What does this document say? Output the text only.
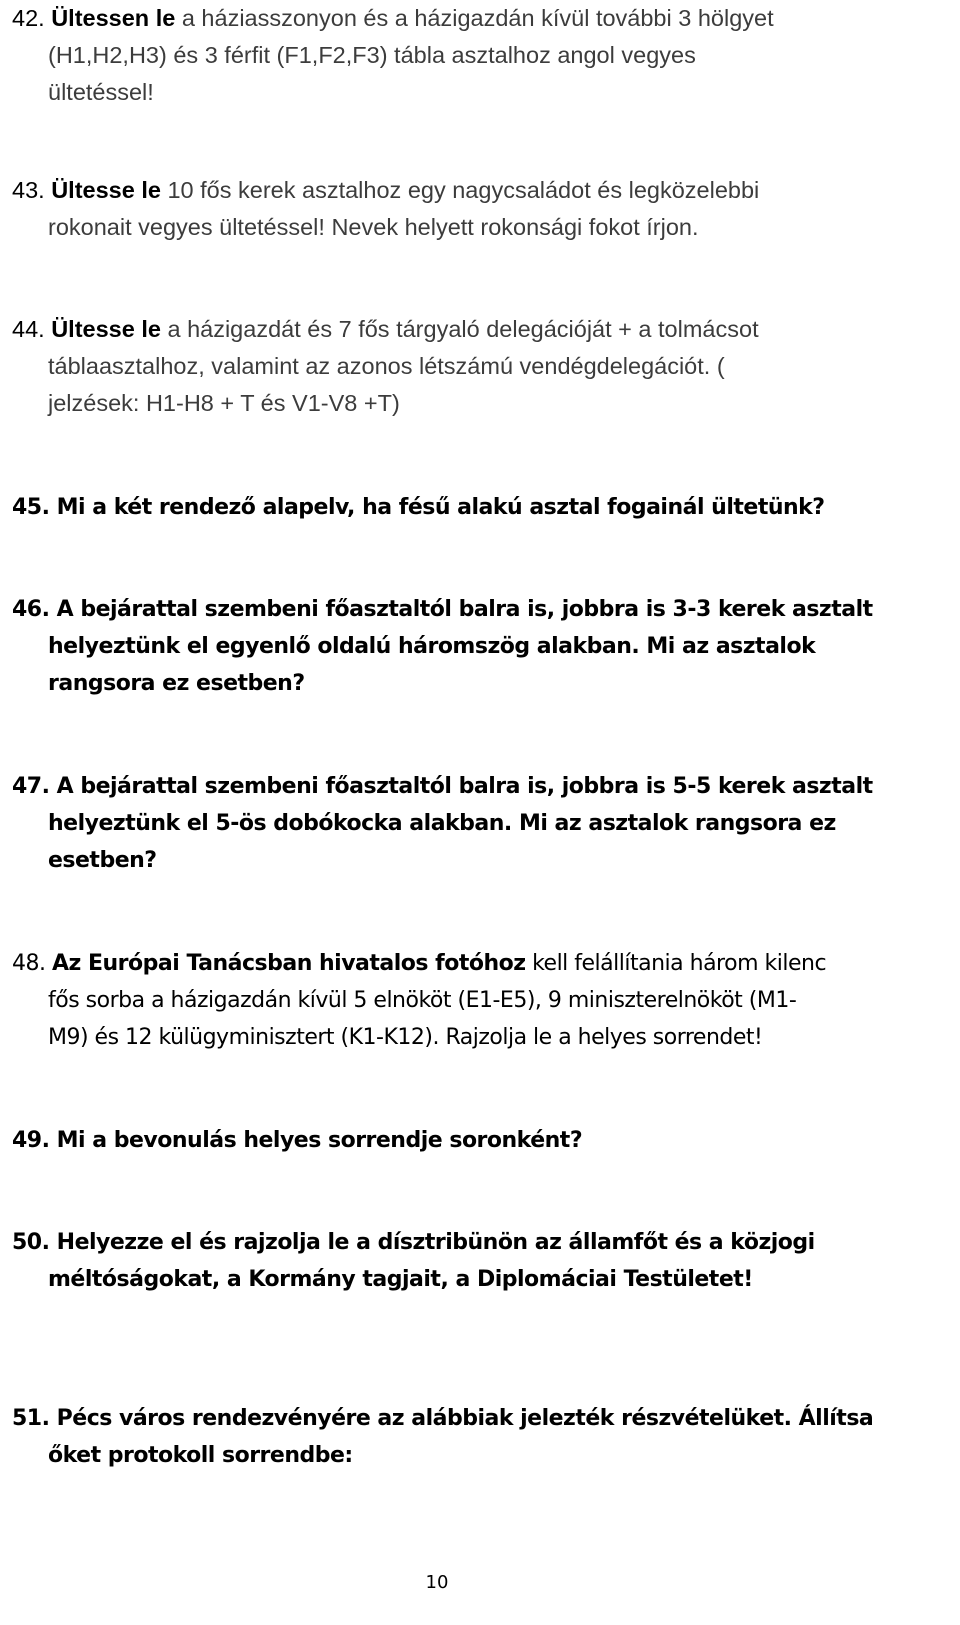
42. Ültessen le a háziasszonyon és a házigazdán kívül további 3 hölgyet
(H1,H2,H3) és 3 férfit (F1,F2,F3) tábla asztalhoz angol vegyes
ültetéssel!
43. Ültesse le 10 fős kerek asztalhoz egy nagycsaládot és legközelebbi
rokonait vegyes ültetéssel! Nevek helyett rokonsági fokot írjon.
44. Ültesse le a házigazdát és 7 fős tárgyaló delegációját + a tolmácsot
táblaasztalhoz, valamint az azonos létszámú vendégdelegációt. (
jelzések: H1-H8 + T és V1-V8 +T)
45. Mi a két rendező alapelv, ha fésű alakú asztal fogainál ültetünk?
46. A bejárattal szembeni főasztaltól balra is, jobbra is 3-3 kerek asztalt
helyeztünk el egyenlő oldalú háromszög alakban. Mi az asztalok
rangsora ez esetben?
47. A bejárattal szembeni főasztaltól balra is, jobbra is 5-5 kerek asztalt
helyeztünk el 5-ös dobókocka alakban. Mi az asztalok rangsora ez
esetben?
48. Az Európai Tanácsban hivatalos fotóhoz kell felállítania három kilenc
fős sorba a házigazdán kívül 5 elnököt (E1-E5), 9 miniszterelnököt (M1-
M9) és 12 külügyminisztert (K1-K12). Rajzolja le a helyes sorrendet!
49. Mi a bevonulás helyes sorrendje soronként?
50. Helyezze el és rajzolja le a dísztribünön az államfőt és a közjogi
méltóságokat, a Kormány tagjait, a Diplomáciai Testületet!
51. Pécs város rendezvényére az alábbiak jelezték részvételüket. Állítsa
őket protokoll sorrendbe:
10
